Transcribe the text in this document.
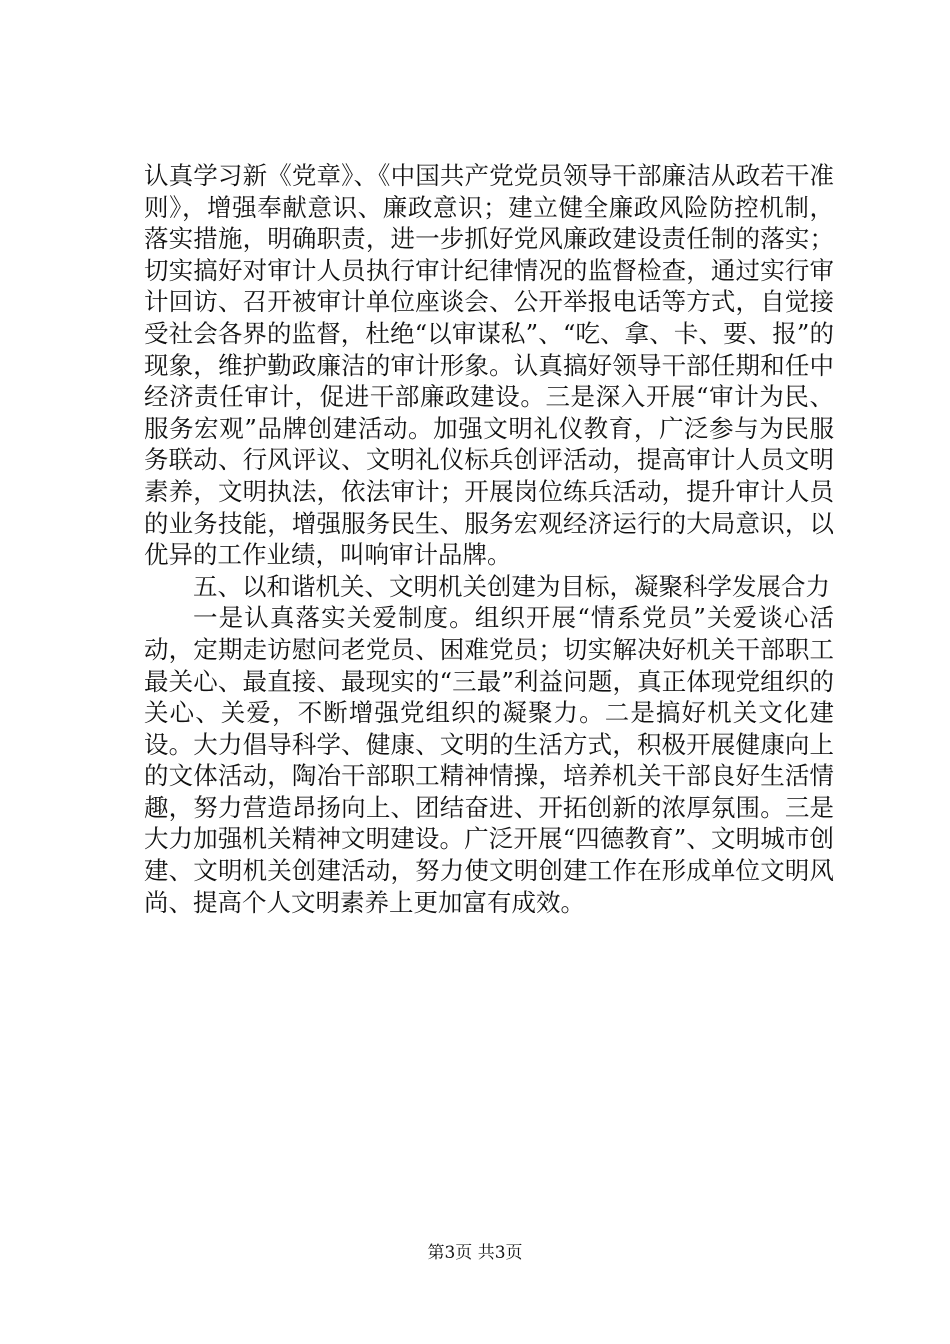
认真学习新《党章》、《中国共产党党员领导干部廉洁从政若干准则》，增强奉献意识、廉政意识；建立健全廉政风险防控机制，落实措施，明确职责，进一步抓好党风廉政建设责任制的落实；切实搞好对审计人员执行审计纪律情况的监督检查，通过实行审计回访、召开被审计单位座谈会、公开举报电话等方式，自觉接受社会各界的监督，杜绝“以审谋私”、“吃、拿、卡、要、报”的现象，维护勤政廉洁的审计形象。认真搞好领导干部任期和任中经济责任审计，促进干部廉政建设。三是深入开展“审计为民、服务宏观”品牌创建活动。加强文明礼仪教育，广泛参与为民服务联动、行风评议、文明礼仪标兵创评活动，提高审计人员文明素养，文明执法，依法审计；开展岗位练兵活动，提升审计人员的业务技能，增强服务民生、服务宏观经济运行的大局意识，以优异的工作业绩，叫响审计品牌。

五、以和谐机关、文明机关创建为目标，凝聚科学发展合力

一是认真落实关爱制度。组织开展“情系党员”关爱谈心活动，定期走访慰问老党员、困难党员；切实解决好机关干部职工最关心、最直接、最现实的“三最”利益问题，真正体现党组织的关心、关爱，不断增强党组织的凝聚力。二是搞好机关文化建设。大力倡导科学、健康、文明的生活方式，积极开展健康向上的文体活动，陶冶干部职工精神情操，培养机关干部良好生活情趣，努力营造昂扬向上、团结奋进、开拓创新的浓厚氛围。三是大力加强机关精神文明建设。广泛开展“四德教育”、文明城市创建、文明机关创建活动，努力使文明创建工作在形成单位文明风尚、提高个人文明素养上更加富有成效。

第3页 共3页
